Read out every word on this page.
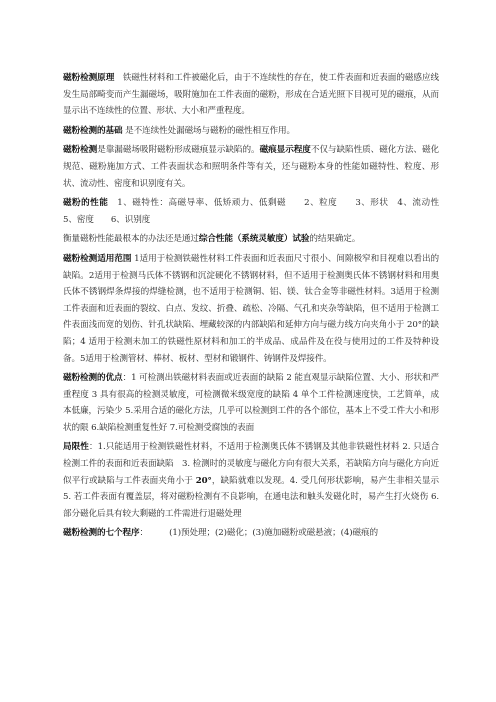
磁粉检测原理　铁磁性材料和工件被磁化后，由于不连续性的存在，使工件表面和近表面的磁感应线发生局部畸变而产生漏磁场，吸附施加在工件表面的磁粉，形成在合适光照下目视可见的磁痕，从而显示出不连续性的位置、形状、大小和严重程度。

磁粉检测的基础 是不连续性处漏磁场与磁粉的磁性相互作用。

磁粉检测是靠漏磁场吸附磁粉形成磁痕显示缺陷的。磁痕显示程度不仅与缺陷性质、磁化方法、磁化规范、磁粉施加方式、工件表面状态和照明条件等有关，还与磁粉本身的性能如磁特性、粒度、形状、流动性、密度和识别度有关。

磁粉的性能　1、磁特性：高磁导率、低矫顽力、低剩磁　　2、粒度　　3、形状　4、流动性　　5、密度　　6、识别度

衡量磁粉性能最根本的办法还是通过综合性能（系统灵敏度）试验的结果确定。

磁粉检测适用范围 1适用于检测铁磁性材料工件表面和近表面尺寸很小、间隙极窄和目视难以看出的缺陷。2适用于检测马氏体不锈钢和沉淀硬化不锈钢材料，但不适用于检测奥氏体不锈钢材料和用奥氏体不锈钢焊条焊接的焊缝检测，也不适用于检测铜、铝、镁、钛合金等非磁性材料。3适用于检测工件表面和近表面的裂纹、白点、发纹、折叠、疏松、冷隔、气孔和夹杂等缺陷，但不适用于检测工件表面浅而宽的划伤、针孔状缺陷、埋藏较深的内部缺陷和延伸方向与磁力线方向夹角小于 20°的缺陷；4 适用于检测未加工的铁磁性原材料和加工的半成品、成品件及在役与使用过的工件及特种设备。5适用于检测管材、棒材、板材、型材和锻钢件、铸钢件及焊接件。

磁粉检测的优点：1 可检测出铁磁材料表面或近表面的缺陷 2 能直观显示缺陷位置、大小、形状和严重程度 3 具有很高的检测灵敏度，可检测微米级宽度的缺陷 4 单个工件检测速度快，工艺简单，成本低廉，污染少 5.采用合适的磁化方法，几乎可以检测到工件的各个部位，基本上不受工件大小和形状的限 6.缺陷检测重复性好 7.可检测受腐蚀的表面

局限性：1.只能适用于检测铁磁性材料，不适用于检测奥氏体不锈钢及其他非铁磁性材料 2. 只适合检测工件的表面和近表面缺陷　3. 检测时的灵敏度与磁化方向有很大关系，若缺陷方向与磁化方向近似平行或缺陷与工件表面夹角小于 20°，缺陷就难以发现。4. 受几何形状影响，易产生非相关显示　5. 若工件表面有覆盖层，将对磁粉检测有不良影响，在通电法和触头发磁化时，易产生打火烧伤 6. 部分磁化后具有较大剩磁的工件需进行退磁处理

磁粉检测的七个程序：　　　(1)预处理；(2)磁化；(3)施加磁粉或磁悬液；(4)磁痕的
